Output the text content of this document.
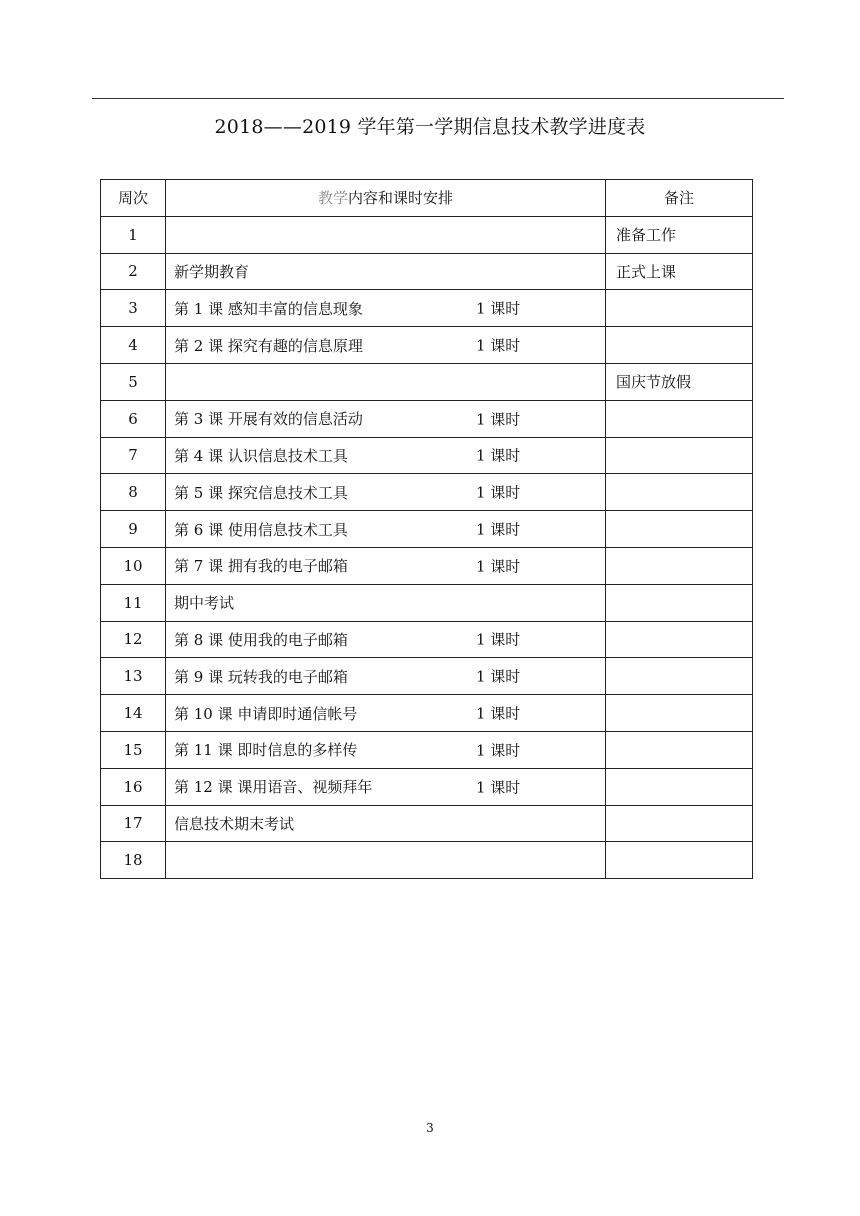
2018——2019 学年第一学期信息技术教学进度表
周次	教学内容和课时安排	备注
1		准备工作
2	新学期教育	正式上课
3	第 1 课 感知丰富的信息现象 1 课时	

4	第 2 课 探究有趣的信息原理 1 课时	

5		国庆节放假
6	第 3 课 开展有效的信息活动 1 课时	

7	第 4 课 认识信息技术工具 1 课时	

8	第 5 课 探究信息技术工具 1 课时	

9	第 6 课 使用信息技术工具 1 课时	

10	第 7 课 拥有我的电子邮箱 1 课时	

11	期中考试

12	第 8 课 使用我的电子邮箱 1 课时	

13	第 9 课 玩转我的电子邮箱 1 课时	

14	第 10 课 申请即时通信帐号 1 课时	

15	第 11 课 即时信息的多样传 1 课时	

16	第 12 课 课用语音、视频拜年 1 课时	

17	信息技术期末考试

18	

3
